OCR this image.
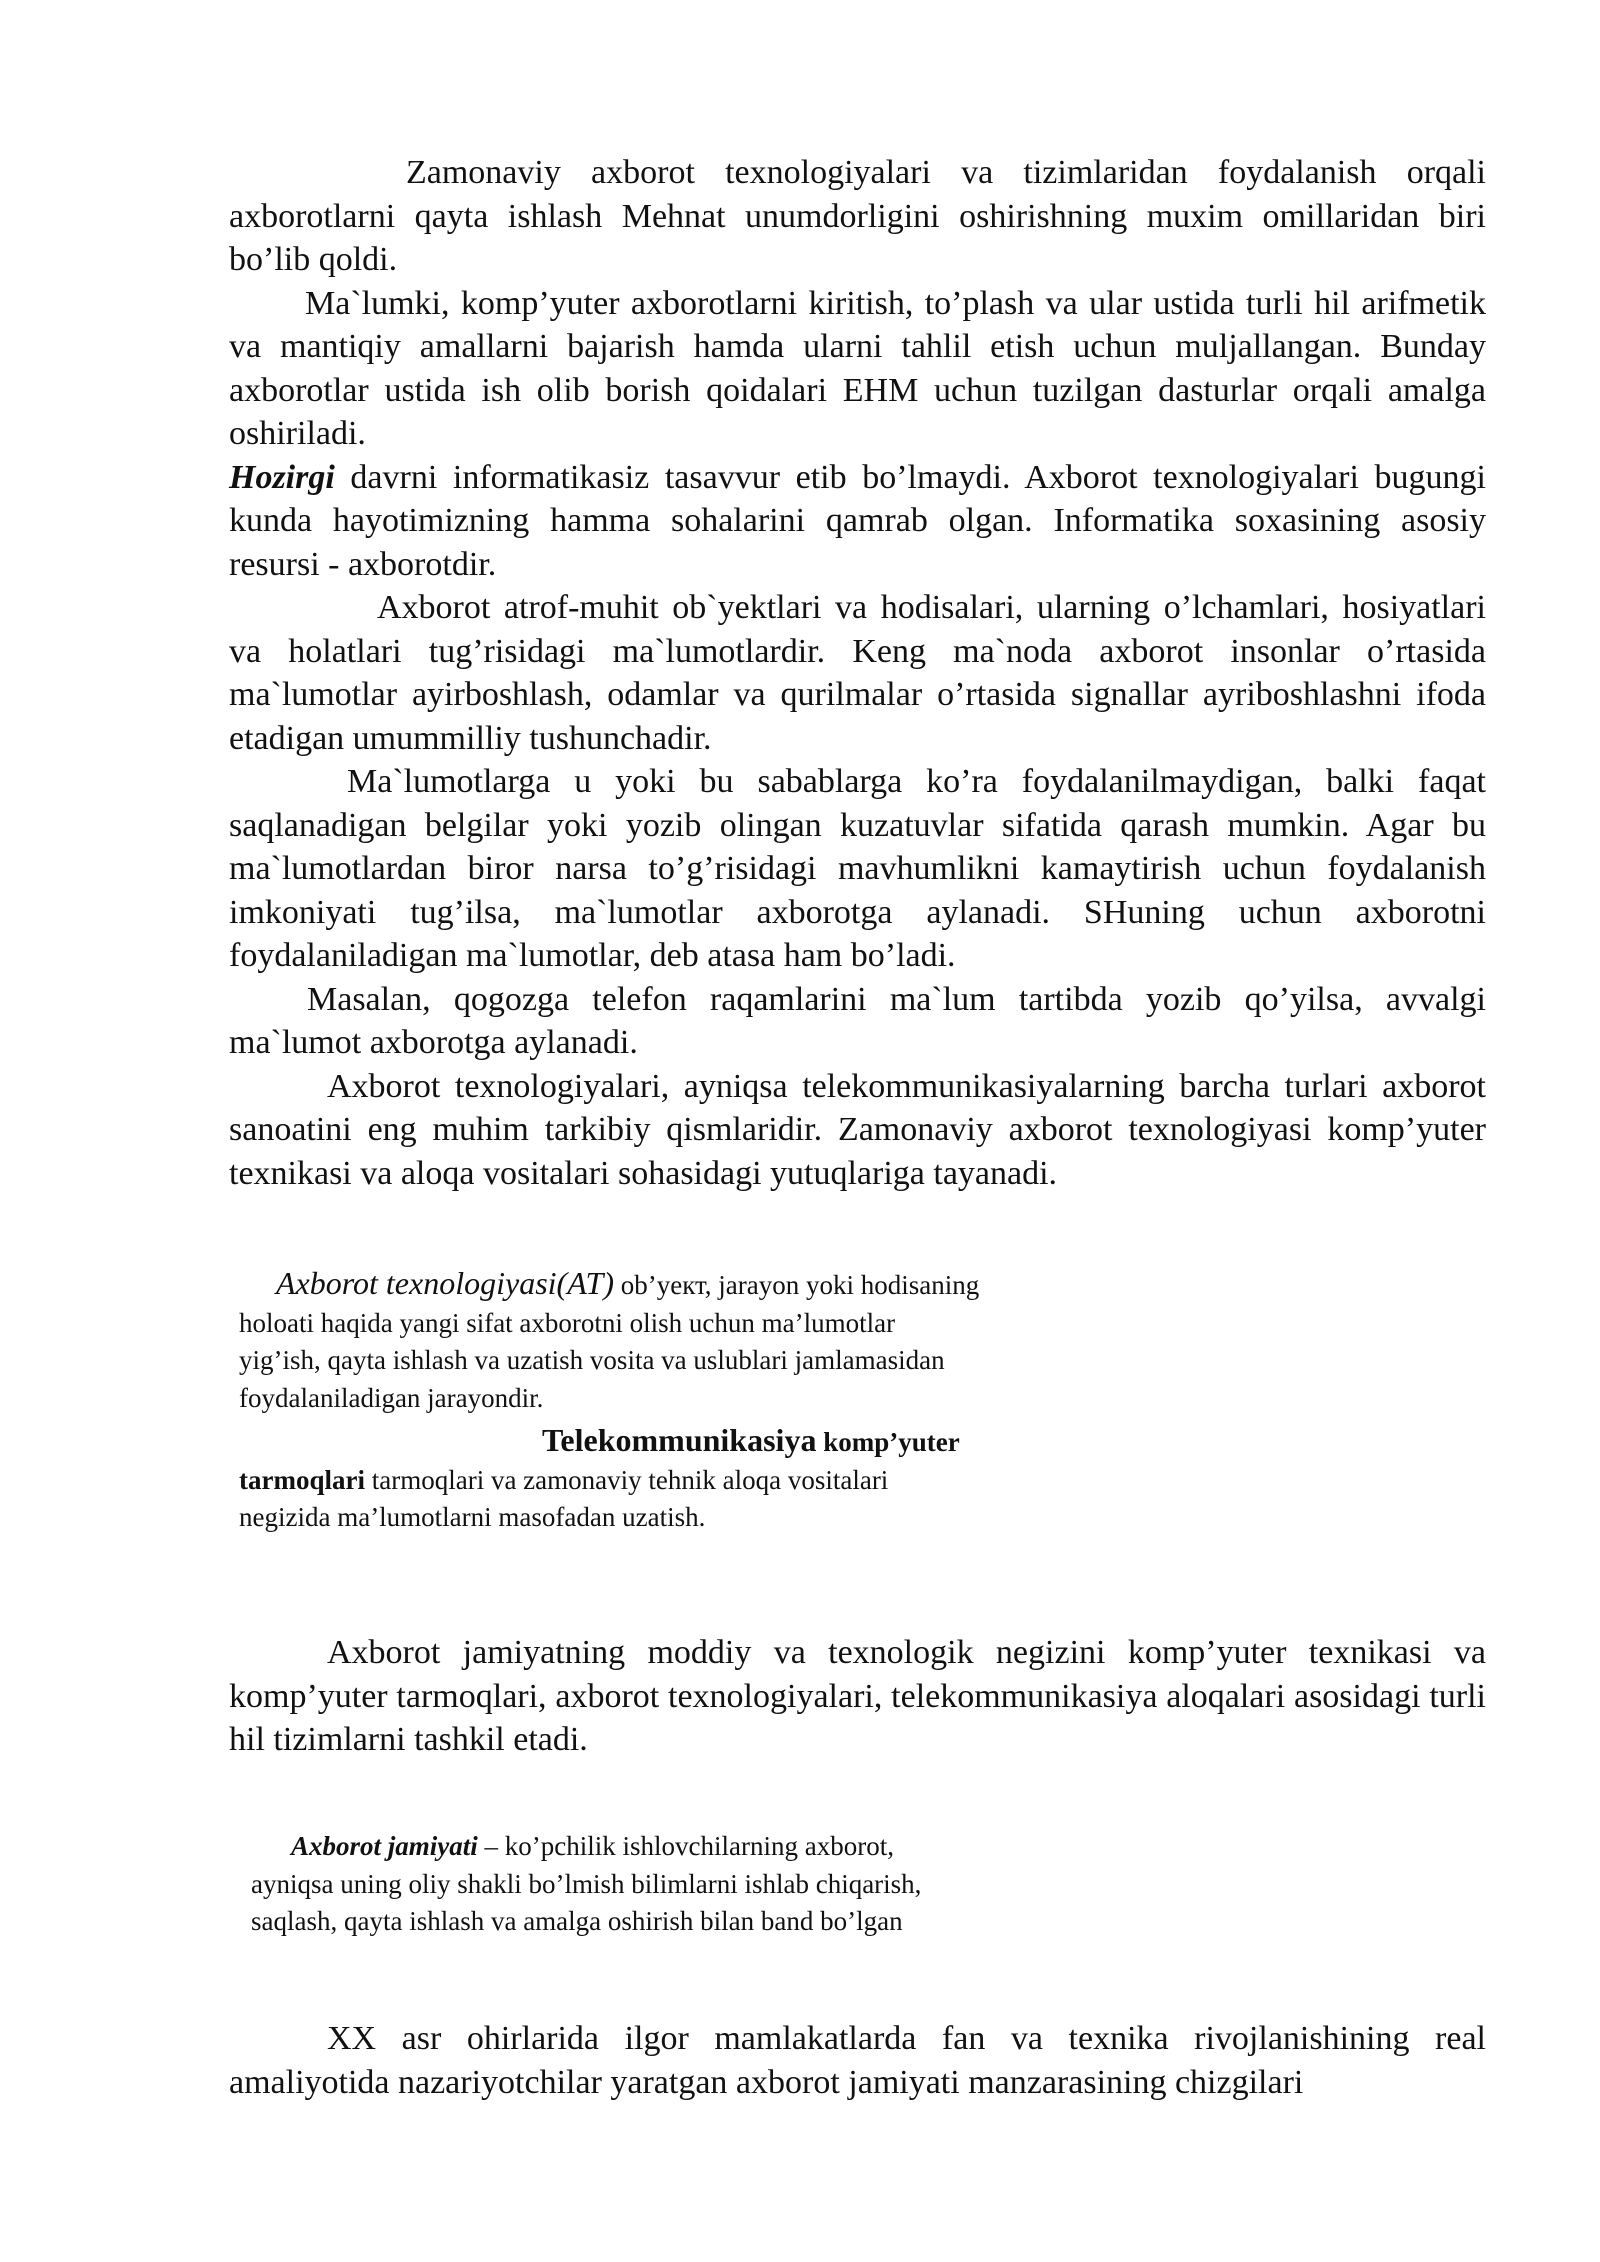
Zamonaviy axborot texnologiyalari va tizimlaridan foydalanish orqali axborotlarni qayta ishlash Mehnat unumdorligini oshirishning muxim omillaridan biri bo’lib qoldi.

Ma`lumki, komp’yuter axborotlarni kiritish, to’plash va ular ustida turli hil arifmetik va mantiqiy amallarni bajarish hamda ularni tahlil etish uchun muljallangan. Bunday axborotlar ustida ish olib borish qoidalari EHM uchun tuzilgan dasturlar orqali amalga oshiriladi.

Hozirgi davrni informatikasiz tasavvur etib bo’lmaydi. Axborot texnologiyalari bugungi kunda hayotimizning hamma sohalarini qamrab olgan. Informatika soxasining asosiy resursi - axborotdir.

Axborot atrof-muhit ob`yektlari va hodisalari, ularning o’lchamlari, hosiyatlari va holatlari tug’risidagi ma`lumotlardir. Keng ma`noda axborot insonlar o’rtasida ma`lumotlar ayirboshlash, odamlar va qurilmalar o’rtasida signallar ayriboshlashni ifoda etadigan umummilliy tushunchadir.

Ma`lumotlarga u yoki bu sabablarga ko’ra foydalanilmaydigan, balki faqat saqlanadigan belgilar yoki yozib olingan kuzatuvlar sifatida qarash mumkin. Agar bu ma`lumotlardan biror narsa to’g’risidagi mavhumlikni kamaytirish uchun foydalanish imkoniyati tug’ilsa, ma`lumotlar axborotga aylanadi. SHuning uchun axborotni foydalaniladigan ma`lumotlar, deb atasa ham bo’ladi.

Masalan, qogozga telefon raqamlarini ma`lum tartibda yozib qo’yilsa, avvalgi ma`lumot axborotga aylanadi.

Axborot texnologiyalari, ayniqsa telekommunikasiyalarning barcha turlari axborot sanoatini eng muhim tarkibiy qismlaridir. Zamonaviy axborot texnologiyasi komp’yuter texnikasi va aloqa vositalari sohasidagi yutuqlariga tayanadi.

Axborot texnologiyasi(AT) ob’yeкт, jarayon yoki hodisaning

holoati haqida yangi sifat axborotni olish uchun ma’lumotlar

yig’ish, qayta ishlash va uzatish vosita va uslublari jamlamasidan

foydalaniladigan jarayondir.

Telekommunikasiya komp’yuter

tarmoqlari tarmoqlari va zamonaviy tehnik aloqa vositalari

negizida ma’lumotlarni masofadan uzatish.

Axborot jamiyatning moddiy va texnologik negizini komp’yuter texnikasi va komp’yuter tarmoqlari, axborot texnologiyalari, telekommunikasiya aloqalari asosidagi turli hil tizimlarni tashkil etadi.

Axborot jamiyati – ko’pchilik ishlovchilarning axborot,

ayniqsa uning oliy shakli bo’lmish bilimlarni ishlab chiqarish,

saqlash, qayta ishlash va amalga oshirish bilan band bo’lgan

XX asr ohirlarida ilgor mamlakatlarda fan va texnika rivojlanishining real amaliyotida nazariyotchilar yaratgan axborot jamiyati manzarasining chizgilari
